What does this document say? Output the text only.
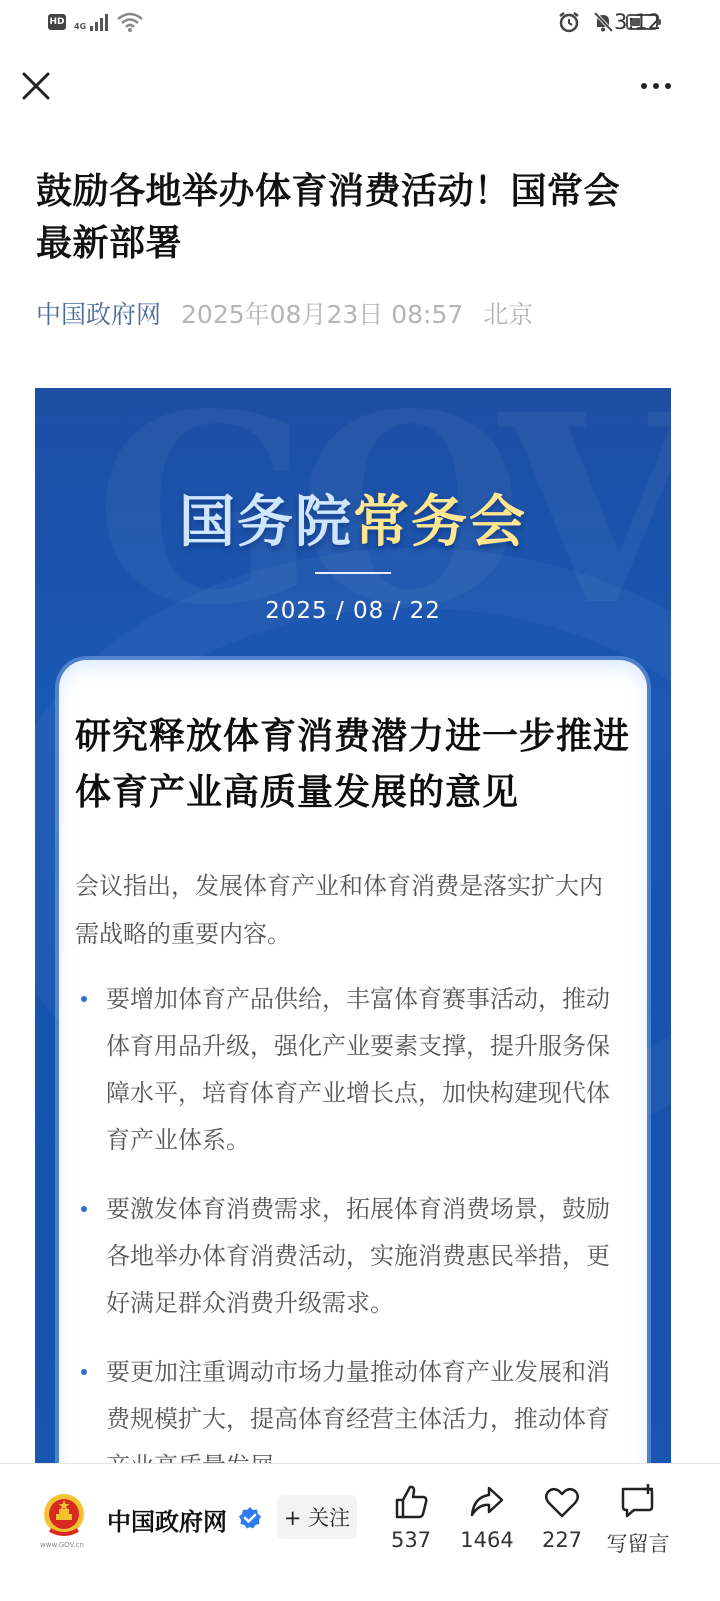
HD 4G	3:12
鼓励各地举办体育消费活动！国常会最新部署
中国政府网 2025年08月23日 08:57 北京
国务院常务会
2025 / 08 / 22
研究释放体育消费潜力进一步推进体育产业高质量发展的意见

会议指出，发展体育产业和体育消费是落实扩大内需战略的重要内容。

要增加体育产品供给，丰富体育赛事活动，推动体育用品升级，强化产业要素支撑，提升服务保障水平，培育体育产业增长点，加快构建现代体育产业体系。
要激发体育消费需求，拓展体育消费场景，鼓励各地举办体育消费活动，实施消费惠民举措，更好满足群众消费升级需求。
要更加注重调动市场力量推动体育产业发展和消费规模扩大，提高体育经营主体活力，推动体育
www.GOV.cn
中国政府网	+ 关注
537	1464	227	写留言
